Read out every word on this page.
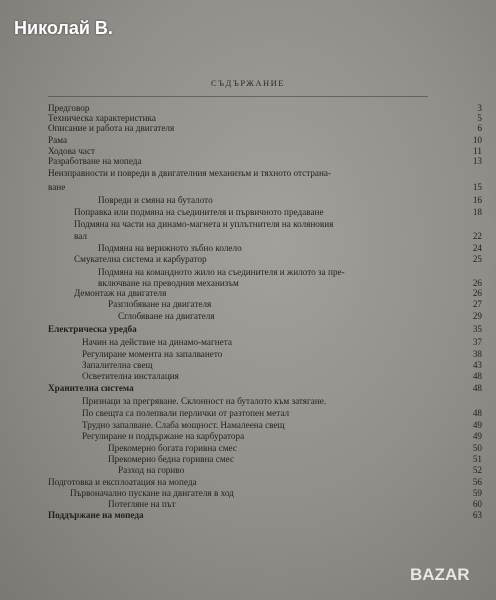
Николай В.
СЪДЪРЖАНИЕ
Предговор	3
Техническа характеристика	5
Описание и работа на двигателя	6
Рама	10
Ходова част	11
Разработване на мопеда	13
Неизправности и повреди в двигателния механизъм и тяхното отстрана-
ване	15
Повреди и смяна на буталото	16
Поправка или подмяна на съединителя и първичното предаване	18
Подмяна на части на динамо-магнета и уплътнителя на коляновия
вал	22
Подмяна на верижното зъбно колело	24
Смукателна система и карбуратор	25
Подмяна на командното жило на съединителя и жилото за пре-
включване на преводния механизъм	26
Демонтаж на двигателя	26
Разглобяване на двигателя	27
Сглобяване на двигателя	29
Електрическа уредба	35
Начин на действие на динамо-магнета	37
Регулиране момента на запалването	38
Запалителна свещ	43
Осветителна инсталация	48
Хранителна система	48
Признаци за прегряване. Склонност на буталото към затягане.
По свещта са полепвали перлички от разтопен метал	48
Трудно запалване. Слаба мощност. Намалеена свещ	49
Регулиране и поддържане на карбуратора	49
Прекомерно богата горивна смес	50
Прекомерно бедна горивна смес	51
Разход на гориво	52
Подготовка и експлоатация на мопеда	56
Първоначално пускане на двигателя в ход	59
Потегляне на път	60
Поддържане на мопеда	63
BAZAR
